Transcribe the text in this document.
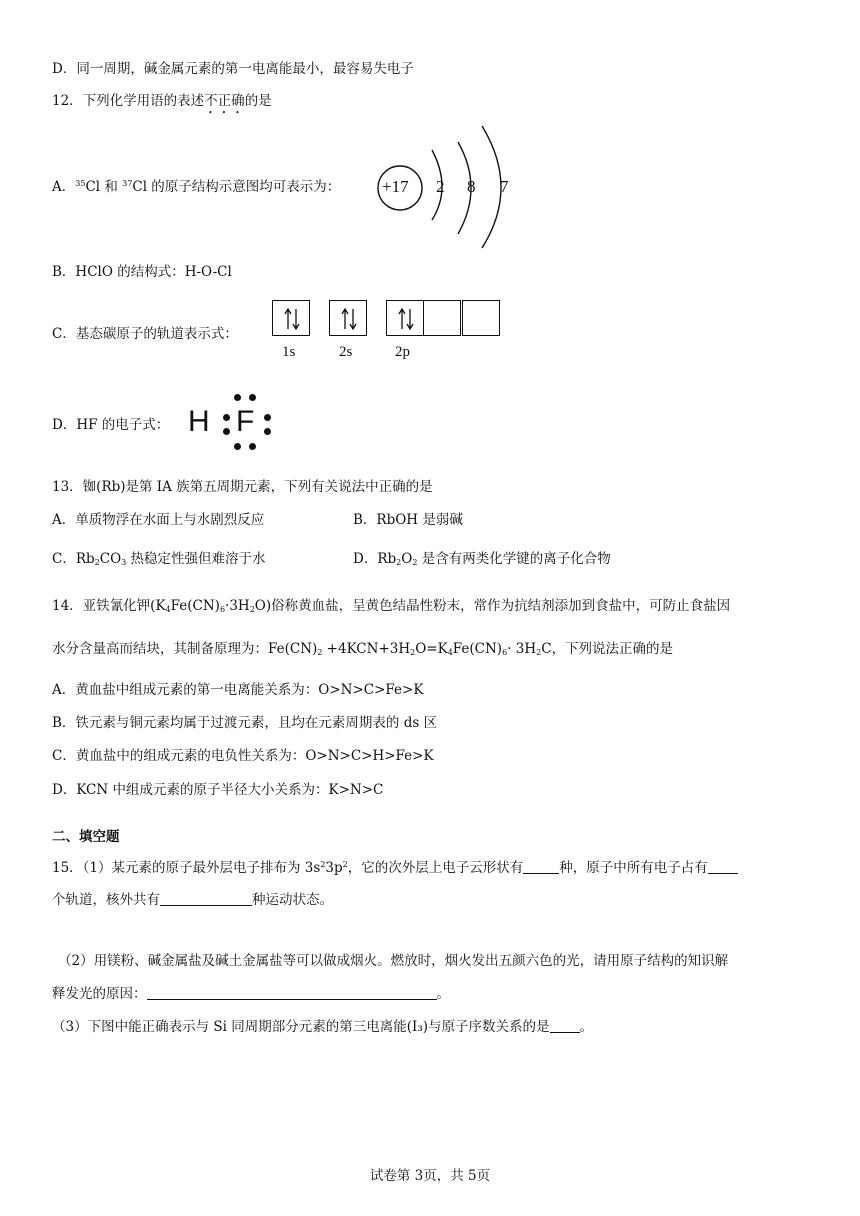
D．同一周期，碱金属元素的第一电离能最小，最容易失电子
12．下列化学用语的表述不正确的是
A．$^{35}$Cl 和 $^{37}$Cl 的原子结构示意图均可表示为： +17 2 8 7
B．HClO 的结构式：H-O-Cl
C．基态碳原子的轨道表示式：
1s	2s	2p
D．HF 的电子式： H F
13．铷(Rb)是第 IA 族第五周期元素，下列有关说法中正确的是
A．单质物浮在水面上与水剧烈反应	B．RbOH 是弱碱
C．$Rb_2CO_3$ 热稳定性强但难溶于水	D．$Rb_2O_2$ 是含有两类化学键的离子化合物
14．亚铁氰化钾$(K_4Fe(CN)_6\cdot 3H_2O)$俗称黄血盐，呈黄色结晶性粉末，常作为抗结剂添加到食盐中，可防止食盐因
水分含量高而结块，其制备原理为：$Fe(CN)_2 +4KCN+3H_2O=K_4Fe(CN)_6\cdot 3H_2C$，下列说法正确的是
A．黄血盐中组成元素的第一电离能关系为：O>N>C>Fe>K
B．铁元素与铜元素均属于过渡元素，且均在元素周期表的 ds 区
C．黄血盐中的组成元素的电负性关系为：O>N>C>H>Fe>K
D．KCN 中组成元素的原子半径大小关系为：K>N>C
二、填空题
15．（1）某元素的原子最外层电子排布为 $3s^23p^2$，它的次外层上电子云形状有	种，原子中所有电子占有
个轨道，核外共有	种运动状态。
（2）用镁粉、碱金属盐及碱土金属盐等可以做成烟火。燃放时，烟火发出五颜六色的光，请用原子结构的知识解
释发光的原因：	。
（3）下图中能正确表示与 Si 同周期部分元素的第三电离能(I₃)与原子序数关系的是 。
试卷第 3页，共 5页
